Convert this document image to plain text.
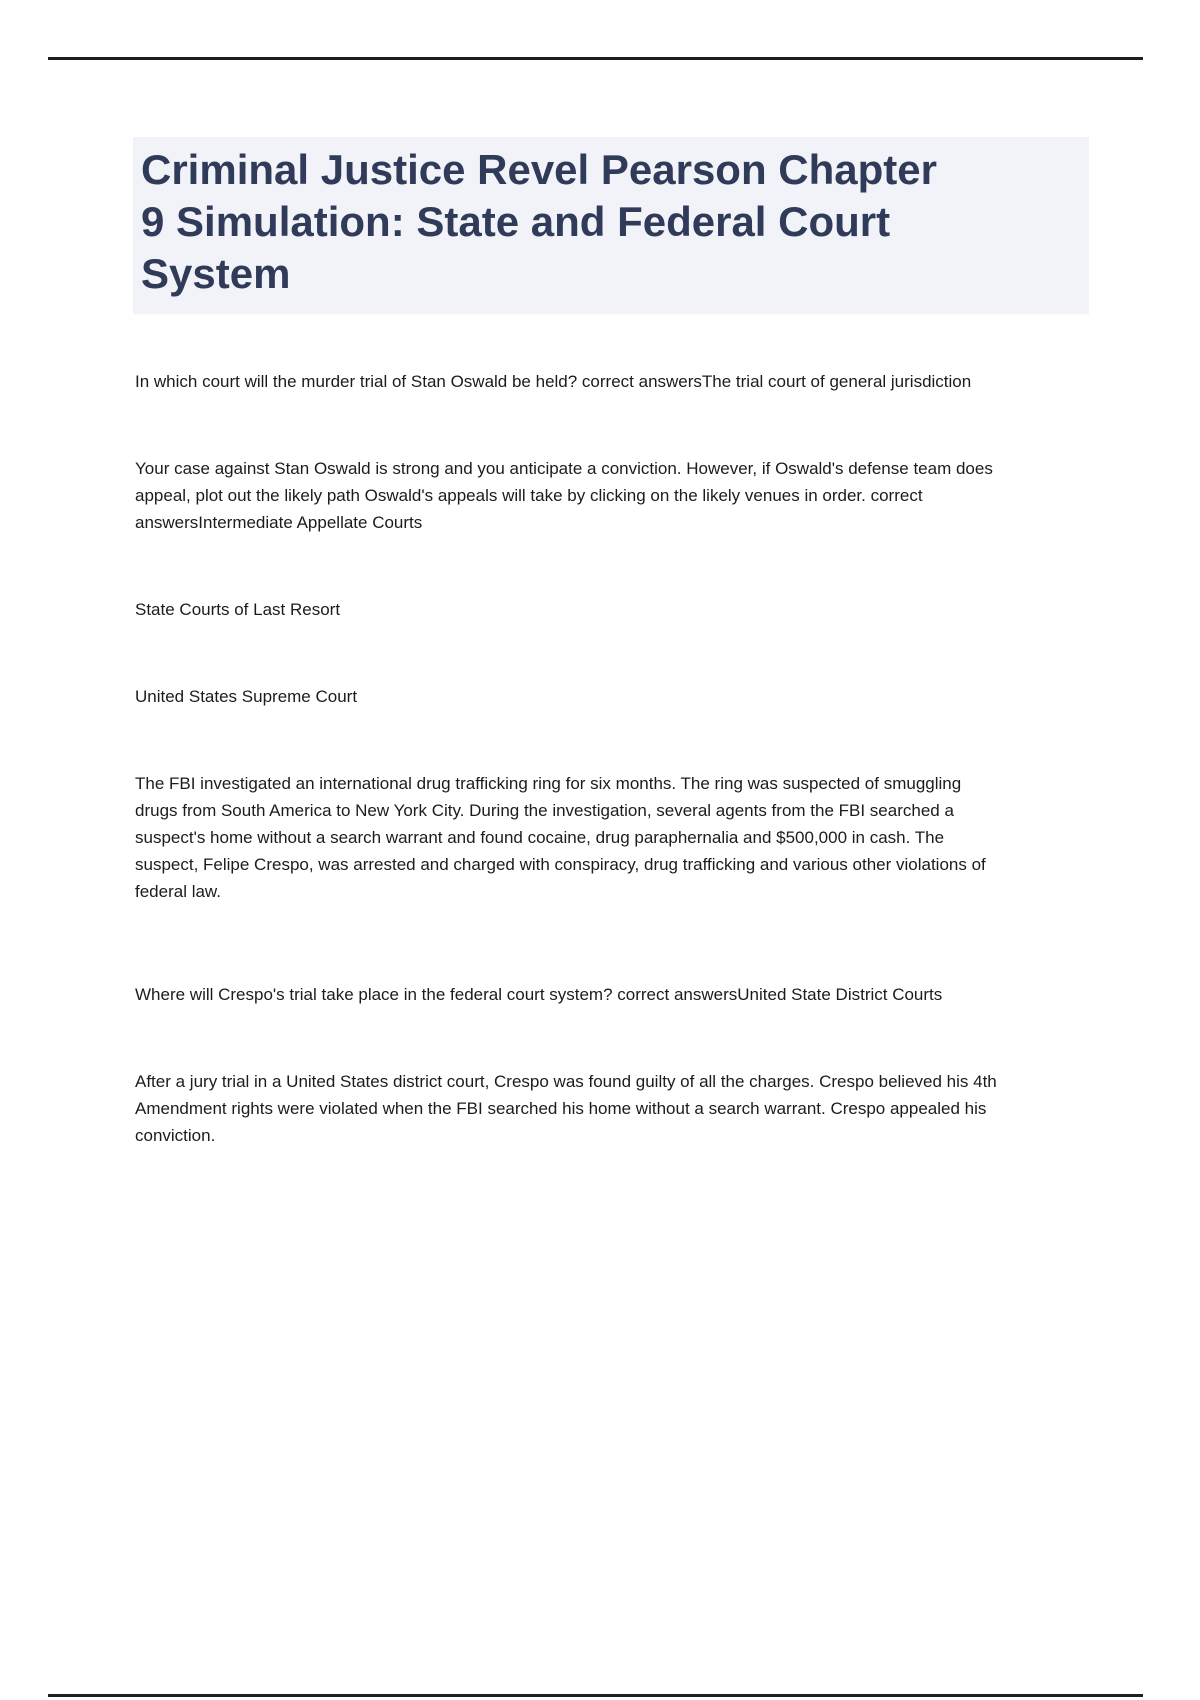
Criminal Justice Revel Pearson Chapter
9 Simulation: State and Federal Court
System

In which court will the murder trial of Stan Oswald be held? correct answersThe trial court of general jurisdiction

Your case against Stan Oswald is strong and you anticipate a conviction. However, if Oswald's defense team does appeal, plot out the likely path Oswald's appeals will take by clicking on the likely venues in order. correct answersIntermediate Appellate Courts

State Courts of Last Resort

United States Supreme Court

The FBI investigated an international drug trafficking ring for six months. The ring was suspected of smuggling drugs from South America to New York City. During the investigation, several agents from the FBI searched a suspect's home without a search warrant and found cocaine, drug paraphernalia and $500,000 in cash. The suspect, Felipe Crespo, was arrested and charged with conspiracy, drug trafficking and various other violations of federal law.

Where will Crespo's trial take place in the federal court system? correct answersUnited State District Courts

After a jury trial in a United States district court, Crespo was found guilty of all the charges. Crespo believed his 4th Amendment rights were violated when the FBI searched his home without a search warrant. Crespo appealed his conviction.
